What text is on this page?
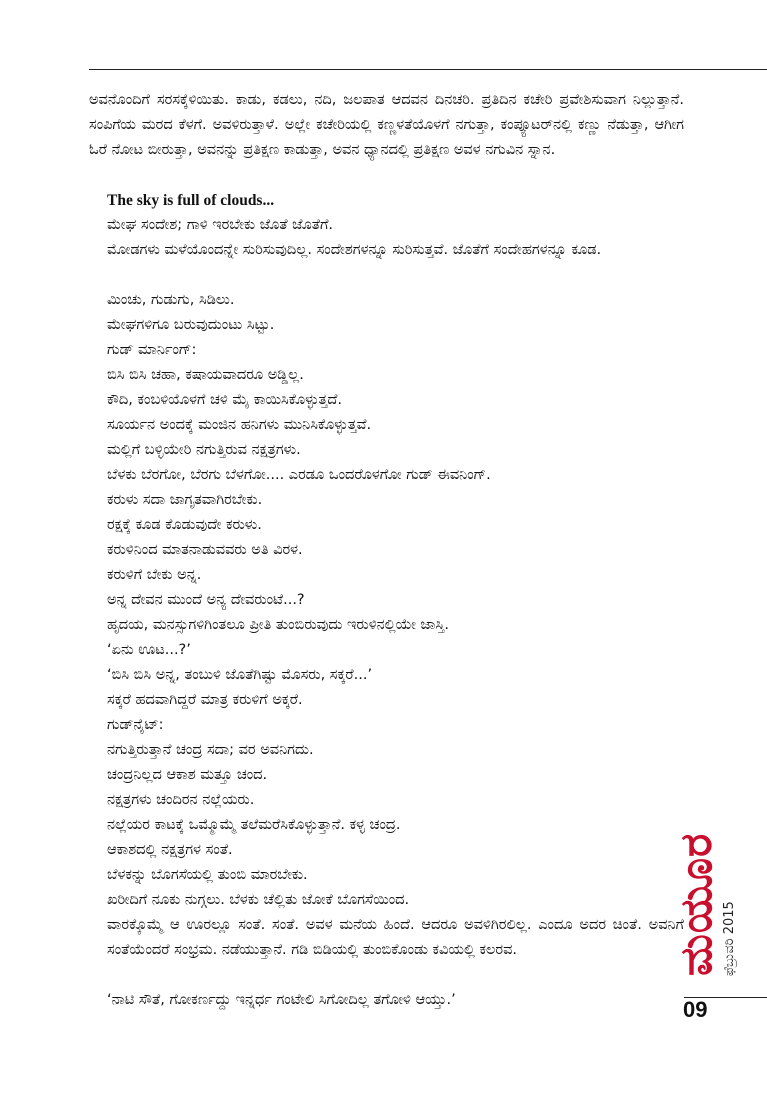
ಅವನೊಂದಿಗೆ ಸರಸಕ್ಕೆಳಿಯಿತು. ಕಾಡು, ಕಡಲು, ನದಿ, ಜಲಪಾತ ಆದವನ ದಿನಚರಿ. ಪ್ರತಿದಿನ ಕಚೇರಿ ಪ್ರವೇಶಿಸುವಾಗ ನಿಲ್ಲುತ್ತಾನೆ. ಸಂಪಿಗೆಯ ಮರದ ಕೆಳಗೆ. ಅವಳಿರುತ್ತಾಳೆ. ಅಲ್ಲೇ ಕಚೇರಿಯಲ್ಲಿ ಕಣ್ಣಳತೆಯೊಳಗೆ ನಗುತ್ತಾ, ಕಂಪ್ಯೂಟರ್‌ನಲ್ಲಿ ಕಣ್ಣು ನೆಡುತ್ತಾ, ಆಗೀಗ ಓರೆ ನೋಟ ಬೀರುತ್ತಾ, ಅವನನ್ನು ಪ್ರತಿಕ್ಷಣ ಕಾಡುತ್ತಾ, ಅವನ ಧ್ಯಾನದಲ್ಲಿ ಪ್ರತಿಕ್ಷಣ ಅವಳ ನಗುವಿನ ಸ್ನಾನ.

The sky is full of clouds...

ಮೇಘ ಸಂದೇಶ; ಗಾಳಿ ಇರಬೇಕು ಜೊತೆ ಜೊತೆಗೆ.

ಮೋಡಗಳು ಮಳೆಯೊಂದನ್ನೇ ಸುರಿಸುವುದಿಲ್ಲ. ಸಂದೇಶಗಳನ್ನೂ ಸುರಿಸುತ್ತವೆ. ಜೊತೆಗೆ ಸಂದೇಹಗಳನ್ನೂ ಕೂಡ.

ಮಿಂಚು, ಗುಡುಗು, ಸಿಡಿಲು.

ಮೇಘಗಳಿಗೂ ಬರುವುದುಂಟು ಸಿಟ್ಟು.

ಗುಡ್ ಮಾರ್ನಿಂಗ್:

ಬಿಸಿ ಬಿಸಿ ಚಹಾ, ಕಷಾಯವಾದರೂ ಅಡ್ಡಿಲ್ಲ.

ಕೌದಿ, ಕಂಬಳಿಯೊಳಗೆ ಚಳಿ ಮೈ ಕಾಯಿಸಿಕೊಳ್ಳುತ್ತದೆ.

ಸೂರ್ಯನ ಅಂದಕ್ಕೆ ಮಂಜಿನ ಹನಿಗಳು ಮುನಿಸಿಕೊಳ್ಳುತ್ತವೆ.

ಮಲ್ಲಿಗೆ ಬಳ್ಳಿಯೇರಿ ನಗುತ್ತಿರುವ ನಕ್ಷತ್ರಗಳು.

ಬೆಳಕು ಬೆರಗೋ, ಬೆರಗು ಬೆಳಗೋ.... ಎರಡೂ ಒಂದರೊಳಗೋ ಗುಡ್ ಈವನಿಂಗ್.

ಕರುಳು ಸದಾ ಜಾಗೃತವಾಗಿರಬೇಕು.

ರಕ್ಷಕ್ಕೆ ಕೂಡ ಕೊಡುವುದೇ ಕರುಳು.

ಕರುಳಿನಿಂದ ಮಾತನಾಡುವವರು ಅತಿ ವಿರಳ.

ಕರುಳಿಗೆ ಬೇಕು ಅನ್ನ.

ಅನ್ನ ದೇವನ ಮುಂದೆ ಅನ್ಯ ದೇವರುಂಟೆ...?

ಹೃದಯ, ಮನಸ್ಸುಗಳಿಗಿಂತಲೂ ಪ್ರೀತಿ ತುಂಬಿರುವುದು ಇರುಳಿನಲ್ಲಿಯೇ ಜಾಸ್ತಿ.

‘ಏನು ಊಟ...?’

‘ಬಿಸಿ ಬಿಸಿ ಅನ್ನ, ತಂಬುಳಿ ಜೊತೆಗಿಷ್ಟು ಮೊಸರು, ಸಕ್ಕರೆ...’

ಸಕ್ಕರೆ ಹದವಾಗಿದ್ದರೆ ಮಾತ್ರ ಕರುಳಿಗೆ ಅಕ್ಕರೆ.

ಗುಡ್‌ನೈಟ್:

ನಗುತ್ತಿರುತ್ತಾನೆ ಚಂದ್ರ ಸದಾ; ವರ ಅವನಿಗದು.

ಚಂದ್ರನಿಲ್ಲದ ಆಕಾಶ ಮತ್ತೂ ಚಂದ.

ನಕ್ಷತ್ರಗಳು ಚಂದಿರನ ನಲ್ಲೆಯರು.

ನಲ್ಲೆಯರ ಕಾಟಕ್ಕೆ ಒಮ್ಮೊಮ್ಮೆ ತಲೆಮರೆಸಿಕೊಳ್ಳುತ್ತಾನೆ. ಕಳ್ಳ ಚಂದ್ರ.

ಆಕಾಶದಲ್ಲಿ ನಕ್ಷತ್ರಗಳ ಸಂತೆ.

ಬೆಳಕನ್ನು ಬೊಗಸೆಯಲ್ಲಿ ತುಂಬಿ ಮಾರಬೇಕು.

ಖರೀದಿಗೆ ನೂಕು ನುಗ್ಗಲು. ಬೆಳಕು ಚೆಲ್ಲಿತು ಜೋಕೆ ಬೊಗಸೆಯಿಂದ.

ವಾರಕ್ಕೊಮ್ಮೆ ಆ ಊರಲ್ಲೂ ಸಂತೆ. ಸಂತೆ. ಅವಳ ಮನೆಯ ಹಿಂದೆ. ಆದರೂ ಅವಳಿಗಿರಲಿಲ್ಲ. ಎಂದೂ ಅದರ ಚಿಂತೆ. ಅವನಿಗೆ ಸಂತೆಯೆಂದರೆ ಸಂಭ್ರಮ. ನಡೆಯುತ್ತಾನೆ. ಗಡಿ ಬಿಡಿಯಲ್ಲಿ ತುಂಬಿಕೊಂಡು ಕವಿಯಲ್ಲಿ ಕಲರವ.

‘ನಾಟಿ ಸೌತೆ, ಗೋಕರ್ಣದ್ದು ಇನ್ನರ್ಧ ಗಂಟೇಲಿ ಸಿಗೋದಿಲ್ಲ ತಗೋಳಿ ಆಯ್ತು.’

ಮಯೂರ ಫೆಬ್ರುವರಿ 2015
09
